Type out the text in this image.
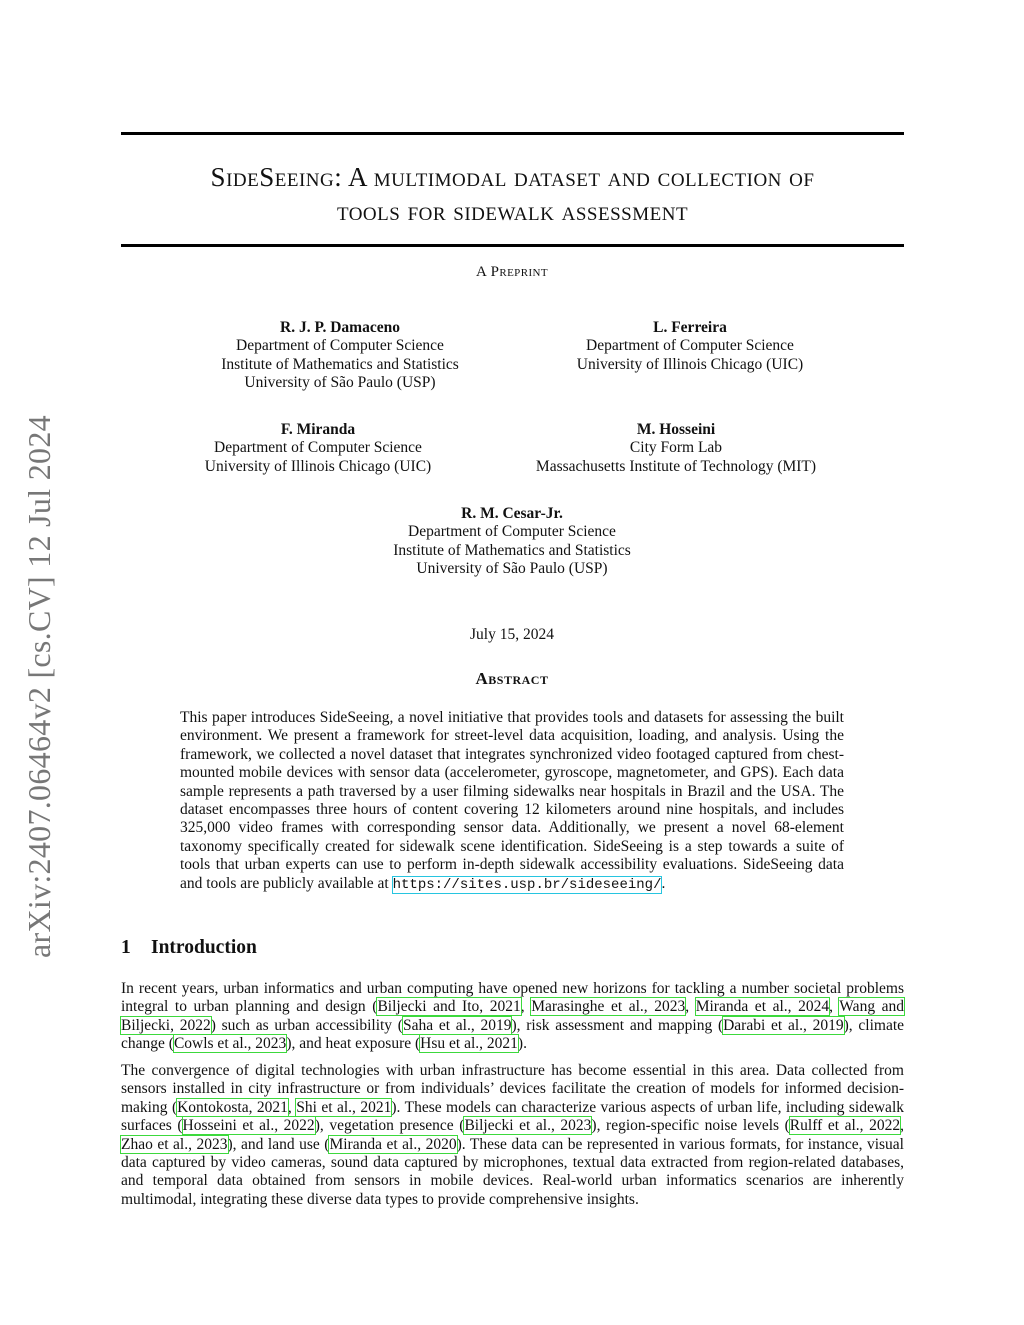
arXiv:2407.06464v2 [cs.CV] 12 Jul 2024
SideSeeing: A multimodal dataset and collection of
tools for sidewalk assessment
A Preprint
R. J. P. Damaceno
Department of Computer Science
Institute of Mathematics and Statistics
University of São Paulo (USP)
L. Ferreira
Department of Computer Science
University of Illinois Chicago (UIC)
F. Miranda
Department of Computer Science
University of Illinois Chicago (UIC)
M. Hosseini
City Form Lab
Massachusetts Institute of Technology (MIT)
R. M. Cesar-Jr.
Department of Computer Science
Institute of Mathematics and Statistics
University of São Paulo (USP)
July 15, 2024
Abstract
This paper introduces SideSeeing, a novel initiative that provides tools and datasets for assessing the built environment. We present a framework for street-level data acquisition, loading, and analysis. Using the framework, we collected a novel dataset that integrates synchronized video footaged captured from chest-mounted mobile devices with sensor data (accelerometer, gyroscope, magnetometer, and GPS). Each data sample represents a path traversed by a user filming sidewalks near hospitals in Brazil and the USA. The dataset encompasses three hours of content covering 12 kilometers around nine hospitals, and includes 325,000 video frames with corresponding sensor data. Additionally, we present a novel 68-element taxonomy specifically created for sidewalk scene identification. SideSeeing is a step towards a suite of tools that urban experts can use to perform in-depth sidewalk accessibility evaluations. SideSeeing data and tools are publicly available at https://sites.usp.br/sideseeing/.
1 Introduction
In recent years, urban informatics and urban computing have opened new horizons for tackling a number societal problems integral to urban planning and design (Biljecki and Ito, 2021, Marasinghe et al., 2023, Miranda et al., 2024, Wang and Biljecki, 2022) such as urban accessibility (Saha et al., 2019), risk assessment and mapping (Darabi et al., 2019), climate change (Cowls et al., 2023), and heat exposure (Hsu et al., 2021).
The convergence of digital technologies with urban infrastructure has become essential in this area. Data collected from sensors installed in city infrastructure or from individuals’ devices facilitate the creation of models for informed decision-making (Kontokosta, 2021, Shi et al., 2021). These models can characterize various aspects of urban life, including sidewalk surfaces (Hosseini et al., 2022), vegetation presence (Biljecki et al., 2023), region-specific noise levels (Rulff et al., 2022, Zhao et al., 2023), and land use (Miranda et al., 2020). These data can be represented in various formats, for instance, visual data captured by video cameras, sound data captured by microphones, textual data extracted from region-related databases, and temporal data obtained from sensors in mobile devices. Real-world urban informatics scenarios are inherently multimodal, integrating these diverse data types to provide comprehensive insights.
